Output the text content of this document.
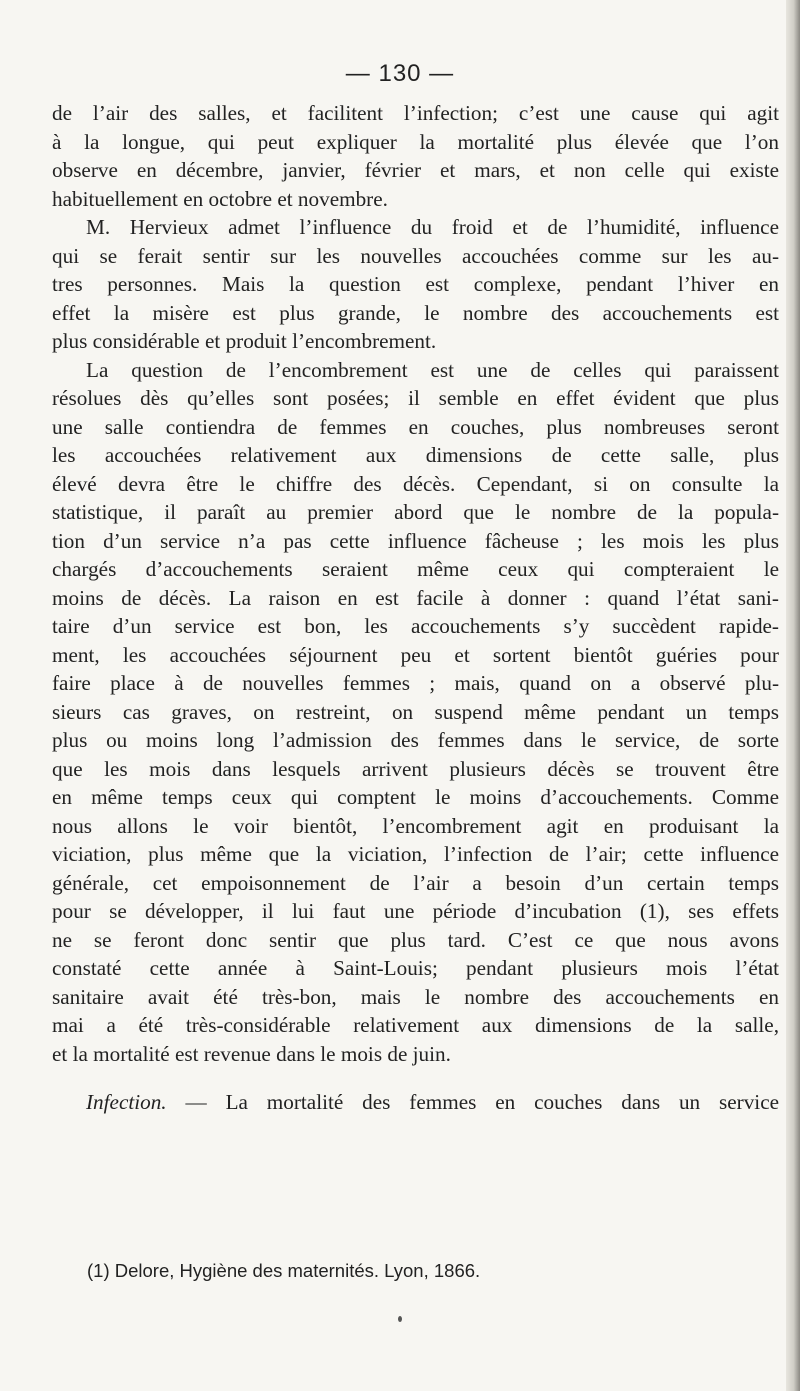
— 130 —
de l’air des salles, et facilitent l’infection; c’est une cause qui agit
à la longue, qui peut expliquer la mortalité plus élevée que l’on
observe en décembre, janvier, février et mars, et non celle qui existe
habituellement en octobre et novembre.
M. Hervieux admet l’influence du froid et de l’humidité, influence
qui se ferait sentir sur les nouvelles accouchées comme sur les au-
tres personnes. Mais la question est complexe, pendant l’hiver en
effet la misère est plus grande, le nombre des accouchements est
plus considérable et produit l’encombrement.
La question de l’encombrement est une de celles qui paraissent
résolues dès qu’elles sont posées; il semble en effet évident que plus
une salle contiendra de femmes en couches, plus nombreuses seront
les accouchées relativement aux dimensions de cette salle, plus
élevé devra être le chiffre des décès. Cependant, si on consulte la
statistique, il paraît au premier abord que le nombre de la popula-
tion d’un service n’a pas cette influence fâcheuse ; les mois les plus
chargés d’accouchements seraient même ceux qui compteraient le
moins de décès. La raison en est facile à donner : quand l’état sani-
taire d’un service est bon, les accouchements s’y succèdent rapide-
ment, les accouchées séjournent peu et sortent bientôt guéries pour
faire place à de nouvelles femmes ; mais, quand on a observé plu-
sieurs cas graves, on restreint, on suspend même pendant un temps
plus ou moins long l’admission des femmes dans le service, de sorte
que les mois dans lesquels arrivent plusieurs décès se trouvent être
en même temps ceux qui comptent le moins d’accouchements. Comme
nous allons le voir bientôt, l’encombrement agit en produisant la
viciation, plus même que la viciation, l’infection de l’air; cette influence
générale, cet empoisonnement de l’air a besoin d’un certain temps
pour se développer, il lui faut une période d’incubation (1), ses effets
ne se feront donc sentir que plus tard. C’est ce que nous avons
constaté cette année à Saint-Louis; pendant plusieurs mois l’état
sanitaire avait été très-bon, mais le nombre des accouchements en
mai a été très-considérable relativement aux dimensions de la salle,
et la mortalité est revenue dans le mois de juin.
Infection. — La mortalité des femmes en couches dans un service
(1) Delore, Hygiène des maternités. Lyon, 1866.
